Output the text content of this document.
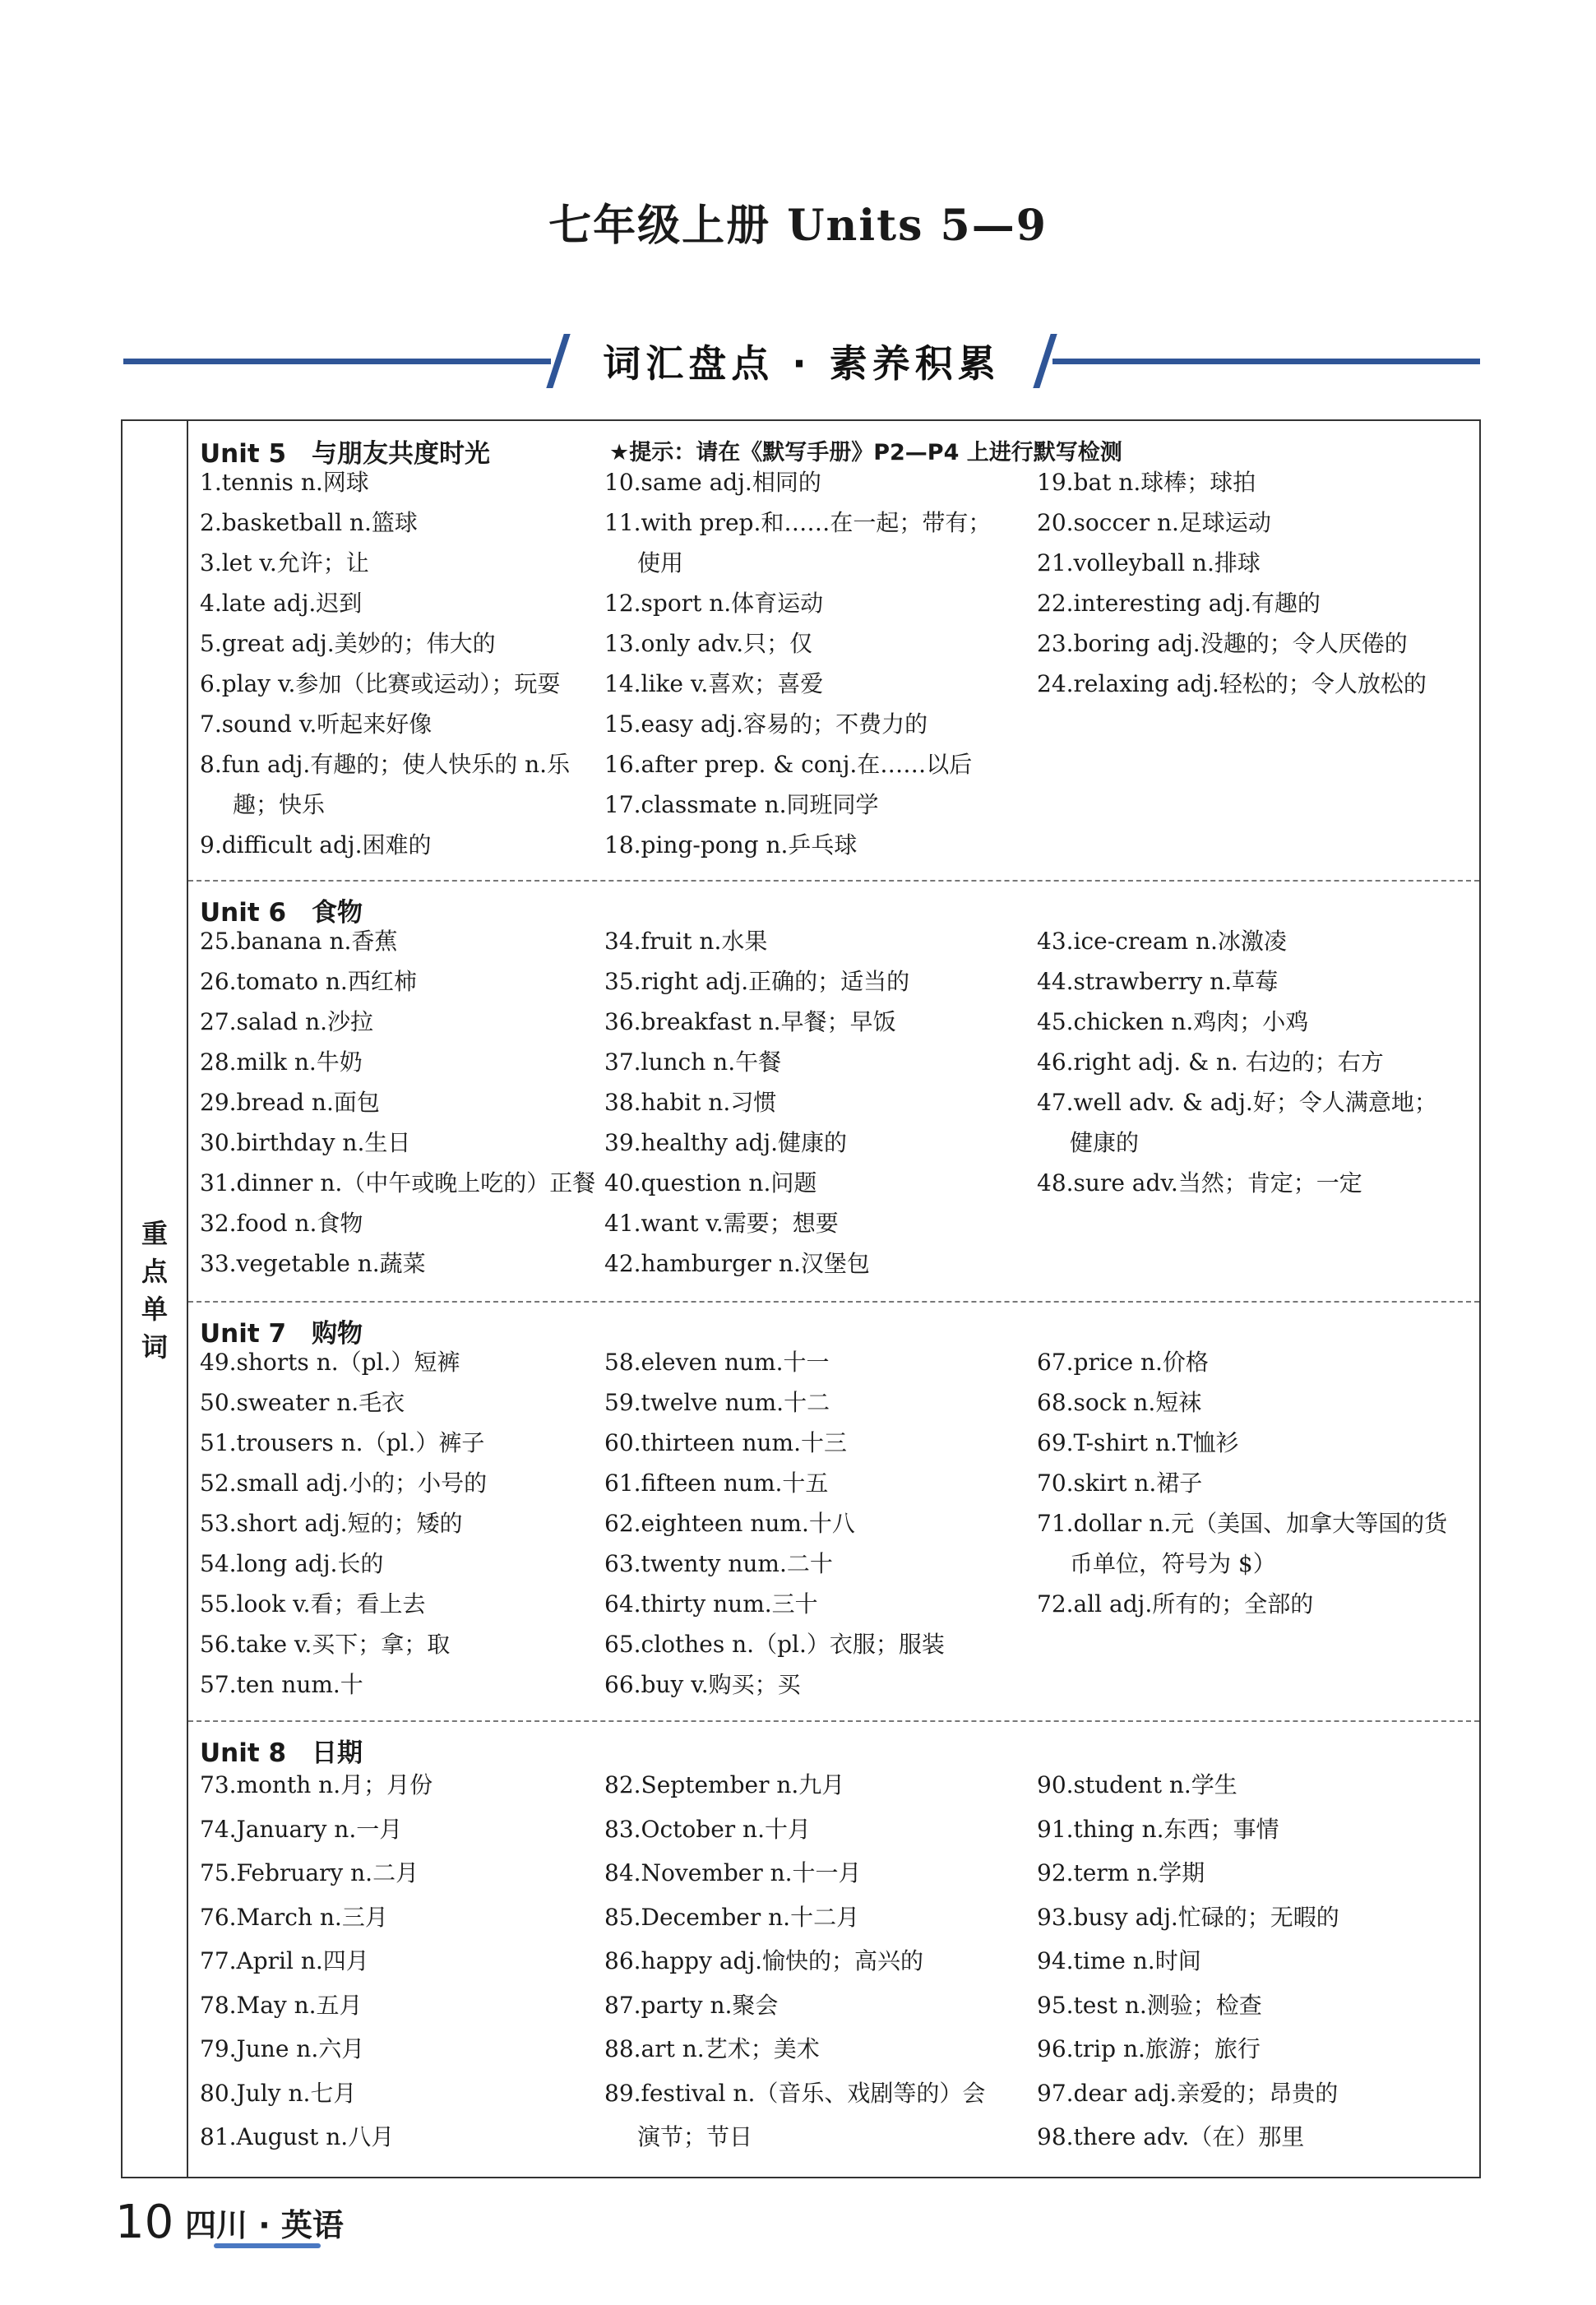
七年级上册 Units 5—9
词汇盘点 · 素养积累
重
点
单
词
Unit 5　与朋友共度时光	★提示：请在《默写手册》P2—P4 上进行默写检测
1.tennis n.网球
2.basketball n.篮球
3.let v.允许；让
4.late adj.迟到
5.great adj.美妙的；伟大的
6.play v.参加（比赛或运动）；玩耍
7.sound v.听起来好像
8.fun adj.有趣的；使人快乐的 n.乐趣；快乐
9.difficult adj.困难的
10.same adj.相同的
11.with prep.和……在一起；带有；使用
12.sport n.体育运动
13.only adv.只；仅
14.like v.喜欢；喜爱
15.easy adj.容易的；不费力的
16.after prep. & conj.在……以后
17.classmate n.同班同学
18.ping-pong n.乒乓球
19.bat n.球棒；球拍
20.soccer n.足球运动
21.volleyball n.排球
22.interesting adj.有趣的
23.boring adj.没趣的；令人厌倦的
24.relaxing adj.轻松的；令人放松的
Unit 6　食物
25.banana n.香蕉
26.tomato n.西红柿
27.salad n.沙拉
28.milk n.牛奶
29.bread n.面包
30.birthday n.生日
31.dinner n.（中午或晚上吃的）正餐
32.food n.食物
33.vegetable n.蔬菜
34.fruit n.水果
35.right adj.正确的；适当的
36.breakfast n.早餐；早饭
37.lunch n.午餐
38.habit n.习惯
39.healthy adj.健康的
40.question n.问题
41.want v.需要；想要
42.hamburger n.汉堡包
43.ice-cream n.冰激凌
44.strawberry n.草莓
45.chicken n.鸡肉；小鸡
46.right adj. & n. 右边的；右方
47.well adv. & adj.好；令人满意地；健康的
48.sure adv.当然；肯定；一定
Unit 7　购物
49.shorts n.（pl.）短裤
50.sweater n.毛衣
51.trousers n.（pl.）裤子
52.small adj.小的；小号的
53.short adj.短的；矮的
54.long adj.长的
55.look v.看；看上去
56.take v.买下；拿；取
57.ten num.十
58.eleven num.十一
59.twelve num.十二
60.thirteen num.十三
61.fifteen num.十五
62.eighteen num.十八
63.twenty num.二十
64.thirty num.三十
65.clothes n.（pl.）衣服；服装
66.buy v.购买；买
67.price n.价格
68.sock n.短袜
69.T-shirt n.T恤衫
70.skirt n.裙子
71.dollar n.元（美国、加拿大等国的货币单位，符号为 $）
72.all adj.所有的；全部的
Unit 8　日期
73.month n.月；月份
74.January n.一月
75.February n.二月
76.March n.三月
77.April n.四月
78.May n.五月
79.June n.六月
80.July n.七月
81.August n.八月
82.September n.九月
83.October n.十月
84.November n.十一月
85.December n.十二月
86.happy adj.愉快的；高兴的
87.party n.聚会
88.art n.艺术；美术
89.festival n.（音乐、戏剧等的）会演节；节日
90.student n.学生
91.thing n.东西；事情
92.term n.学期
93.busy adj.忙碌的；无暇的
94.time n.时间
95.test n.测验；检查
96.trip n.旅游；旅行
97.dear adj.亲爱的；昂贵的
98.there adv.（在）那里
10 四川 · 英语
